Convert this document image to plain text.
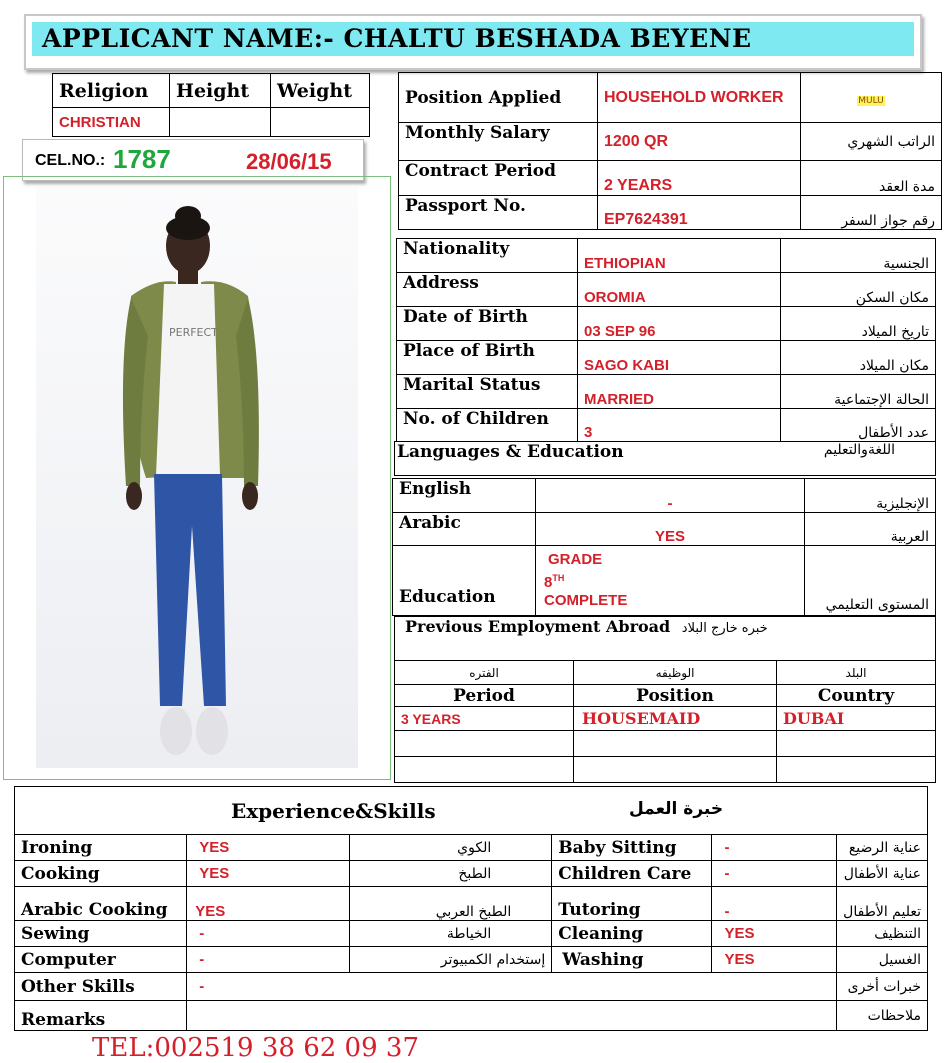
APPLICANT NAME:- CHALTU BESHADA BEYENE
Religion	Height	Weight
CHRISTIAN		
CEL.NO.: 1787	28/06/15
PERFECT
Position Applied	HOUSEHOLD WORKER	MULU
Monthly Salary	1200 QR	الراتب الشهري
Contract Period	2 YEARS	مدة العقد
Passport No.	EP7624391	رقم جواز السفر
Nationality	ETHIOPIAN	الجنسية
Address	OROMIA	مكان السكن
Date of Birth	03 SEP 96	تاريخ الميلاد
Place of Birth	SAGO KABI	مكان الميلاد
Marital Status	MARRIED	الحالة الإجتماعية
No. of Children	3	عدد الأطفال
Languages & Education	اللغةوالتعليم
English	-	الإنجليزية
Arabic	YES	العربية
Education	GRADE
8TH
COMPLETE	المستوى التعليمي
Previous Employment Abroad خبره خارج البلاد		
الفتره	الوظيفه	البلد
Period	Position	Country
3 YEARS	HOUSEMAID	DUBAI

Experience&Skills خبرة العمل					

Ironing	YES	الكوي	Baby Sitting	-	عناية الرضيع
Cooking	YES	الطبخ	Children Care	-	عناية الأطفال
Arabic Cooking	YES	الطبخ العربي	Tutoring	-	تعليم الأطفال
Sewing	-	الخياطة	Cleaning	YES	التنظيف
Computer	-	إستخدام الكمبيوتر	Washing	YES	الغسيل
Other Skills	-				خبرات أخرى
Remarks					ملاحظات
TEL:002519 38 62 09 37
